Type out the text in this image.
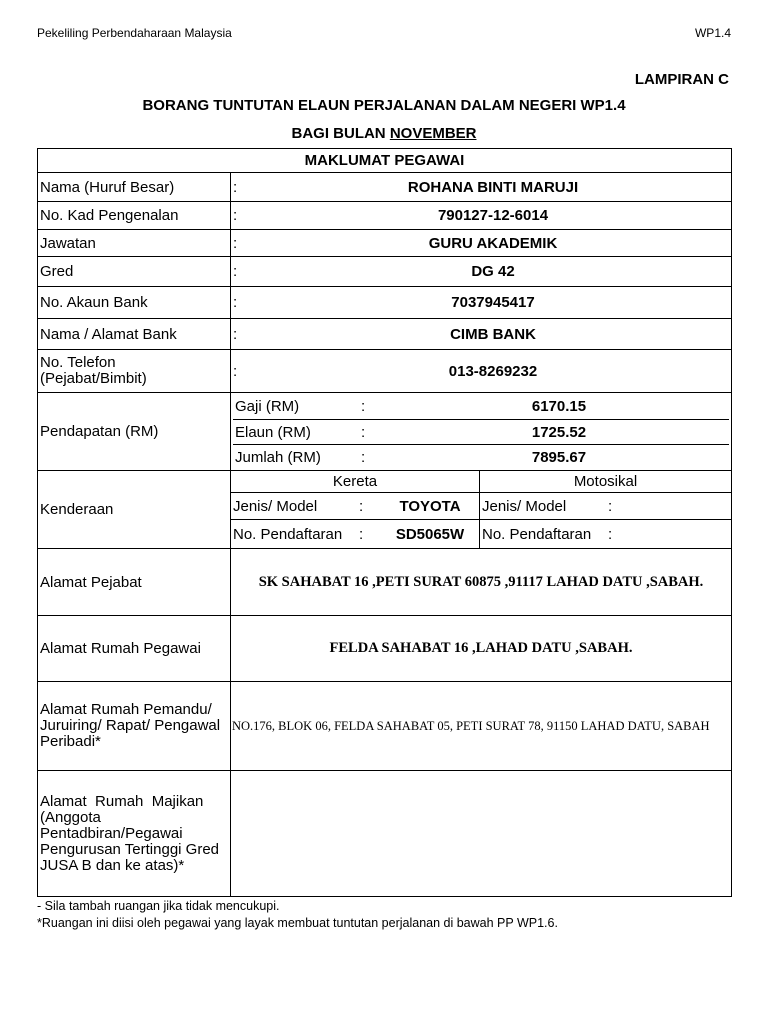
Pekeliling Perbendaharaan Malaysia	WP1.4
LAMPIRAN C
BORANG TUNTUTAN ELAUN PERJALANAN DALAM NEGERI WP1.4
BAGI BULAN NOVEMBER
MAKLUMAT PEGAWAI
Nama (Huruf Besar)	:	ROHANA BINTI MARUJI

No. Kad Pengenalan	:	790127-12-6014

Jawatan	:	GURU AKADEMIK

Gred	:	DG 42

No. Akaun Bank	:	7037945417

Nama / Alamat Bank	:	CIMB BANK

No. Telefon
(Pejabat/Bimbit)	:	013-8269232

Pendapatan (RM)	
Gaji (RM)	:	6170.15
Elaun (RM)	:	1725.52
Jumlah (RM)	:	7895.67

Kenderaan	Kereta	Motosikal

Jenis/ Model	:	TOYOTA	Jenis/ Model	:

No. Pendaftaran	:	SD5065W	No. Pendaftaran	:

Alamat Pejabat	SK SAHABAT 16 ,PETI SURAT 60875 ,91117 LAHAD DATU ,SABAH.
Alamat Rumah Pegawai	FELDA SAHABAT 16 ,LAHAD DATU ,SABAH.

Alamat Rumah Pemandu/
Juruiring/ Rapat/ Pengawal
Peribadi*
	NO.176, BLOK 06, FELDA SAHABAT 05, PETI SURAT 78, 91150 LAHAD DATU, SABAH

Alamat  Rumah  Majikan
(Anggota
Pentadbiran/Pegawai
Pengurusan Tertinggi Gred
JUSA B dan ke atas)*

- Sila tambah ruangan jika tidak mencukupi.
*Ruangan ini diisi oleh pegawai yang layak membuat tuntutan perjalanan di bawah PP WP1.6.
